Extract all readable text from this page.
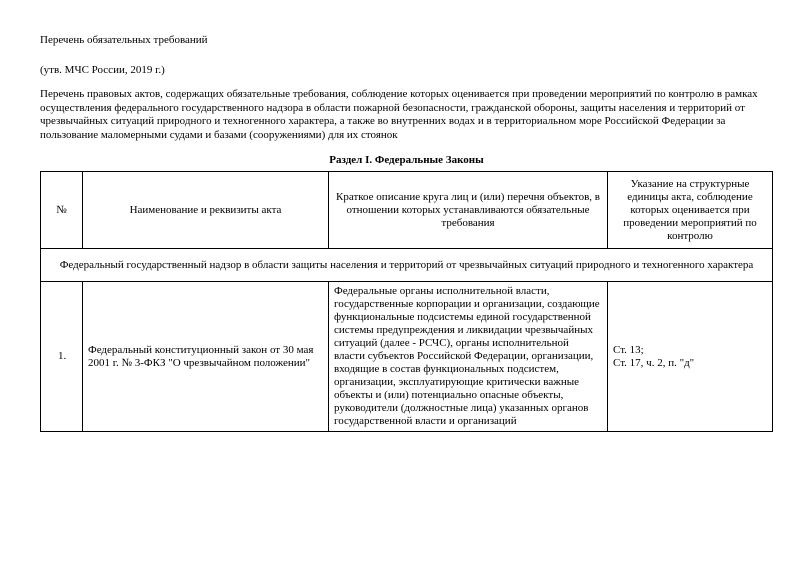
Перечень обязательных требований
(утв. МЧС России, 2019 г.)
Перечень правовых актов, содержащих обязательные требования, соблюдение которых оценивается при проведении мероприятий по контролю в рамках осуществления федерального государственного надзора в области пожарной безопасности, гражданской обороны, защиты населения и территорий от чрезвычайных ситуаций природного и техногенного характера, а также во внутренних водах и в территориальном море Российской Федерации за пользование маломерными судами и базами (сооружениями) для их стоянок
Раздел I. Федеральные Законы
№	Наименование и реквизиты акта	Краткое описание круга лиц и (или) перечня объектов, в отношении которых устанавливаются обязательные требования	Указание на структурные единицы акта, соблюдение которых оценивается при проведении мероприятий по контролю
Федеральный государственный надзор в области защиты населения и территорий от чрезвычайных ситуаций природного и техногенного характера			
1.	Федеральный конституционный закон от 30 мая 2001 г. № 3-ФКЗ "О чрезвычайном положении"	Федеральные органы исполнительной власти, государственные корпорации и организации, создающие функциональные подсистемы единой государственной системы предупреждения и ликвидации чрезвычайных ситуаций (далее - РСЧС), органы исполнительной власти субъектов Российской Федерации, организации, входящие в состав функциональных подсистем, организации, эксплуатирующие критически важные объекты и (или) потенциально опасные объекты, руководители (должностные лица) указанных органов государственной власти и организаций	Ст. 13;
Ст. 17, ч. 2, п. "д"
